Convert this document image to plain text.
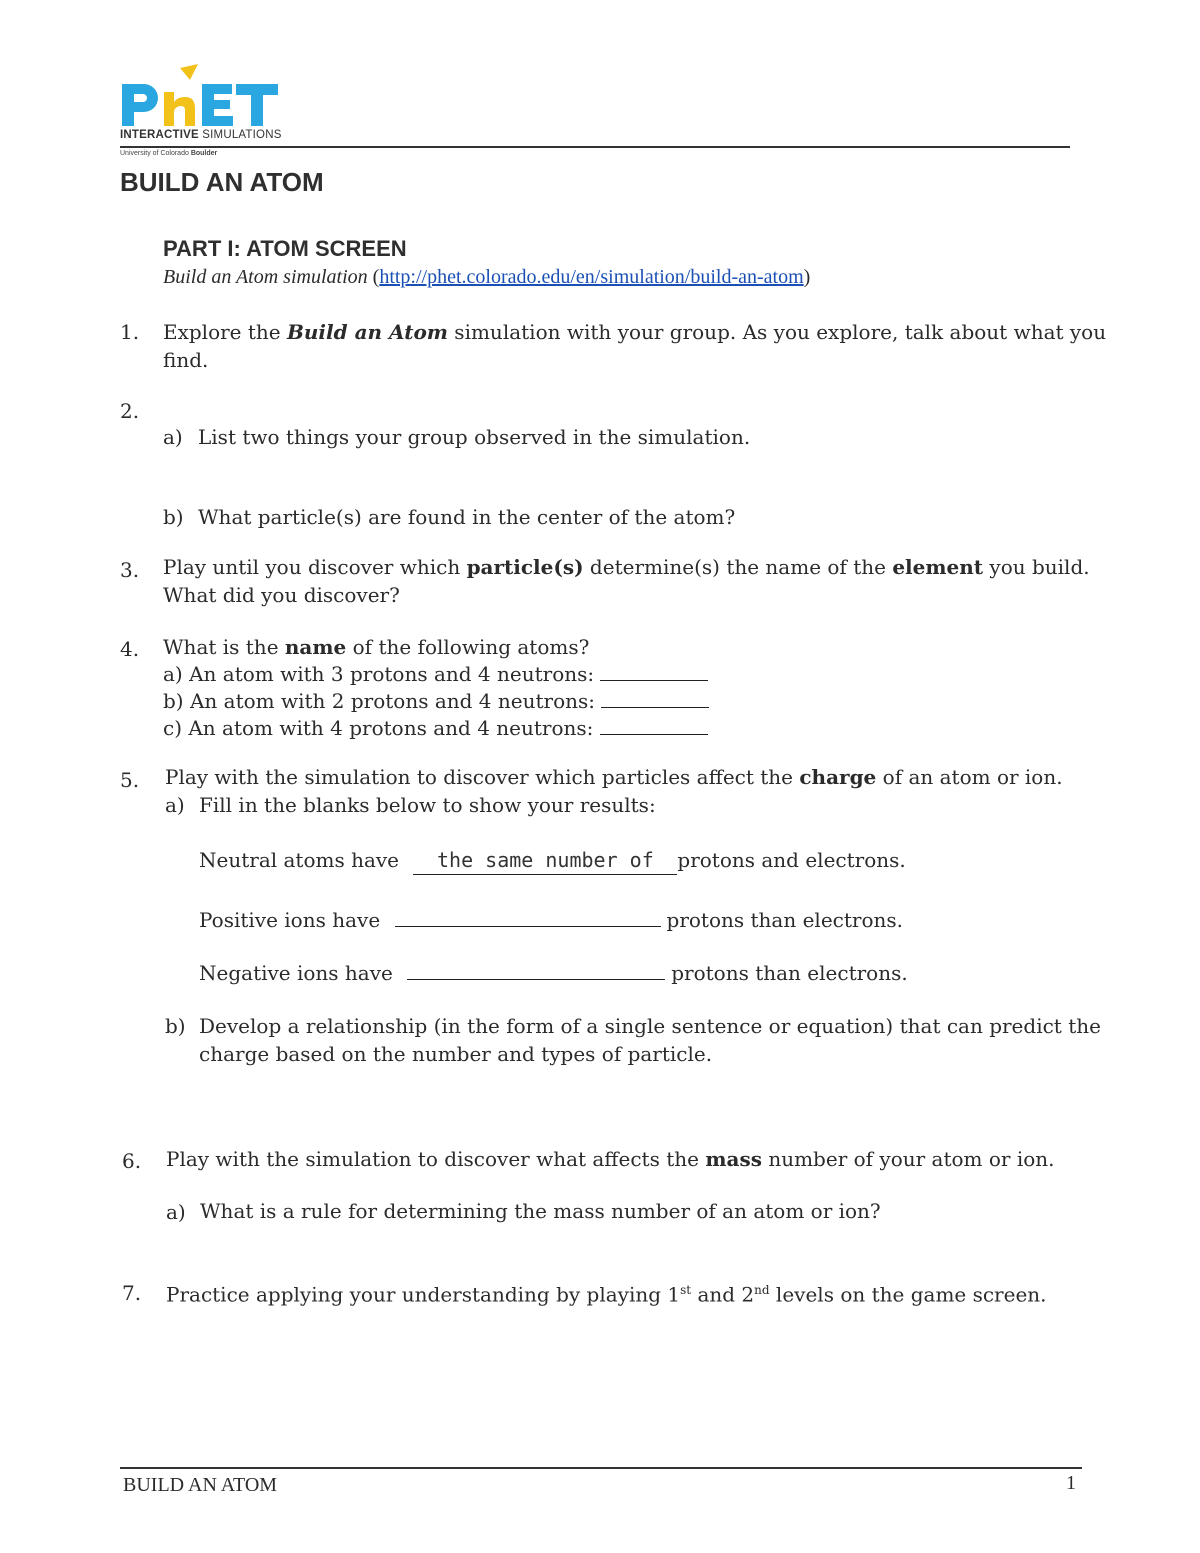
INTERACTIVE SIMULATIONS
University of Colorado Boulder
BUILD AN ATOM
PART I: ATOM SCREEN
Build an Atom simulation (http://phet.colorado.edu/en/simulation/build-an-atom)
1. Explore the Build an Atom simulation with your group. As you explore, talk about what you
find.
2.
a) List two things your group observed in the simulation.
b) What particle(s) are found in the center of the atom?
3. Play until you discover which particle(s) determine(s) the name of the element you build.
What did you discover?
4. What is the name of the following atoms?
a) An atom with 3 protons and 4 neutrons:
b) An atom with 2 protons and 4 neutrons:
c) An atom with 4 protons and 4 neutrons:
5. Play with the simulation to discover which particles affect the charge of an atom or ion.
a) Fill in the blanks below to show your results:
Neutral atoms have the same number of protons and electrons.
Positive ions have	protons than electrons.
Negative ions have	protons than electrons.
b) Develop a relationship (in the form of a single sentence or equation) that can predict the
charge based on the number and types of particle.
6. Play with the simulation to discover what affects the mass number of your atom or ion.
a) What is a rule for determining the mass number of an atom or ion?
7. Practice applying your understanding by playing 1st and 2nd levels on the game screen.
BUILD AN ATOM	1
